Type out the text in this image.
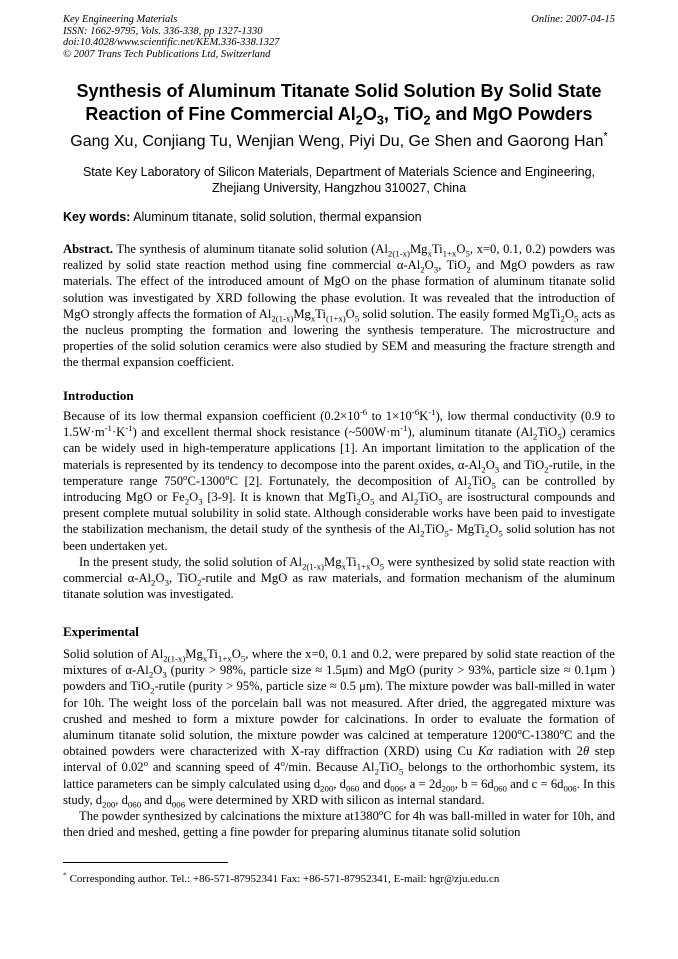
Key Engineering Materials
ISSN: 1662-9795, Vols. 336-338, pp 1327-1330
doi:10.4028/www.scientific.net/KEM.336-338.1327
© 2007 Trans Tech Publications Ltd, Switzerland
Online: 2007-04-15
Synthesis of Aluminum Titanate Solid Solution By Solid State
Reaction of Fine Commercial $Al_2O_3$, TiO$_2$ and MgO Powders
Gang Xu, Conjiang Tu, Wenjian Weng, Piyi Du, Ge Shen and Gaorong Han*
State Key Laboratory of Silicon Materials, Department of Materials Science and Engineering,
Zhejiang University, Hangzhou 310027, China
Key words: Aluminum titanate, solid solution, thermal expansion

Abstract. The synthesis of aluminum titanate solid solution ($Al_{2(1-x)}Mg_xTi_{1+x}O_5$, x=0, 0.1, 0.2) powders was realized by solid state reaction method using fine commercial $\alpha-Al_2O_3$, TiO$_2$ and MgO powders as raw materials. The effect of the introduced amount of MgO on the phase formation of aluminum titanate solid solution was investigated by XRD following the phase evolution. It was revealed that the introduction of MgO strongly affects the formation of $Al_{2(1-x)}Mg_xTi_{(1+x)}O_5$ solid solution. The easily formed $MgTi_2O_5$ acts as the nucleus prompting the formation and lowering the synthesis temperature. The microstructure and properties of the solid solution ceramics were also studied by SEM and measuring the fracture strength and the thermal expansion coefficient.

Introduction

Because of its low thermal expansion coefficient ($0.2\times 10^{-6}$ to $1\times 10^{-6}K^{-1}$), low thermal conductivity (0.9 to $1.5W\cdot m^{-1}\cdot K^{-1}$) and excellent thermal shock resistance $(\sim 500W\cdot m^{-1})$, aluminum titanate $(Al_2TiO_5)$ ceramics can be widely used in high-temperature applications [1]. An important limitation to the application of the materials is represented by its tendency to decompose into the parent oxides, $\alpha-Al_2O_3$ and TiO$_2$-rutile, in the temperature range 750$^o$C-1300$^o$C [2]. Fortunately, the decomposition of $Al_2TiO_5$ can be controlled by introducing MgO or $Fe_2O_3$ [3-9]. It is known that $MgTi_2O_5$ and $Al_2TiO_5$ are isostructural compounds and present complete mutual solubility in solid state. Although considerable works have been paid to investigate the stabilization mechanism, the detail study of the synthesis of the $Al_2TiO_5-$ $MgTi_2O_5$ solid solution has not been undertaken yet.

In the present study, the solid solution of $Al_{2(1-x)}Mg_xTi_{1+x}O_5$ were synthesized by solid state reaction with commercial $\alpha-Al_2O_3$, TiO$_2$-rutile and MgO as raw materials, and formation mechanism of the aluminum titanate solution was investigated.

Experimental

Solid solution of $Al_{2(1-x)}Mg_xTi_{1+x}O_5$, where the x=0, 0.1 and 0.2, were prepared by solid state reaction of the mixtures of $\alpha-Al_2O_3$ (purity > 98%, particle size ≈ 1.5μm) and MgO (purity > 93%, particle size ≈ 0.1μm ) powders and TiO$_2$-rutile (purity > 95%, particle size ≈ 0.5 μm). The mixture powder was ball-milled in water for 10h. The weight loss of the porcelain ball was not measured. After dried, the aggregated mixture was crushed and meshed to form a mixture powder for calcinations. In order to evaluate the formation of aluminum titanate solid solution, the mixture powder was calcined at temperature 1200$^o$C-1380$^o$C and the obtained powders were characterized with X-ray diffraction (XRD) using Cu Kα radiation with 2θ step interval of 0.02$^o$ and scanning speed of 4$^o$/min. Because $Al_2TiO_5$ belongs to the orthorhombic system, its lattice parameters can be simply calculated using $d_{200}$, $d_{060}$ and $d_{006}$, $a = 2d_{200}$, $b = 6d_{060}$ and $c = 6d_{006}$. In this study, $d_{200}$, $d_{060}$ and $d_{006}$ were determined by XRD with silicon as internal standard.

The powder synthesized by calcinations the mixture at1380$^o$C for 4h was ball-milled in water for 10h, and then dried and meshed, getting a fine powder for preparing aluminus titanate solid solution

* Corresponding author. Tel.: +86-571-87952341 Fax: +86-571-87952341, E-mail: hgr@zju.edu.cn
